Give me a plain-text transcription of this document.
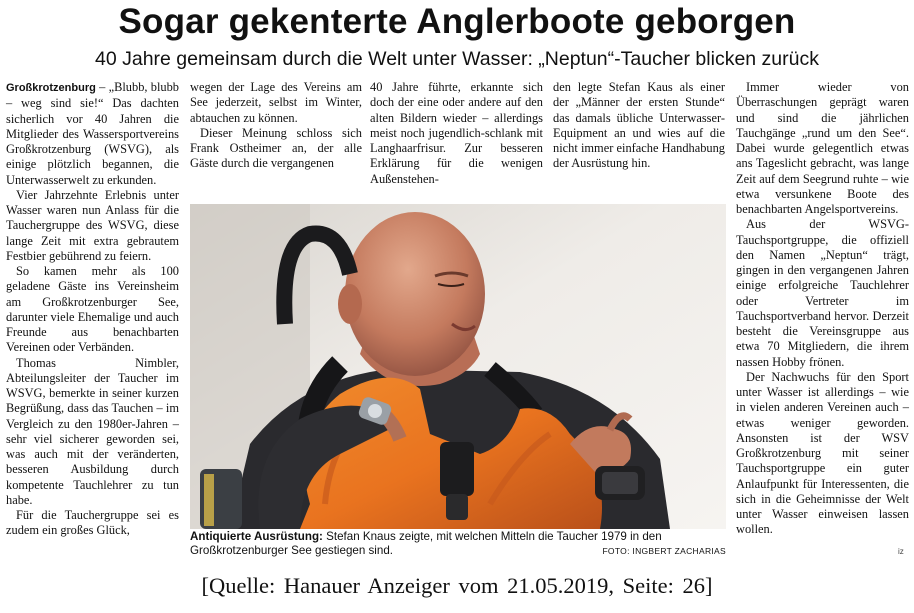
Sogar gekenterte Anglerboote geborgen
40 Jahre gemeinsam durch die Welt unter Wasser: „Neptun“-Taucher blicken zurück

Großkrotzenburg – „Blubb, blubb – weg sind sie!“ Das dachten sicherlich vor 40 Jahren die Mitglieder des Wassersportvereins Großkrotzenburg (WSVG), als einige plötzlich begannen, die Unterwasserwelt zu erkunden.

Vier Jahrzehnte Erlebnis unter Wasser waren nun Anlass für die Tauchergruppe des WSVG, diese lange Zeit mit extra gebrautem Festbier gebührend zu feiern.

So kamen mehr als 100 geladene Gäste ins Vereinsheim am Großkrotzenburger See, darunter viele Ehemalige und auch Freunde aus benachbarten Vereinen oder Verbänden.

Thomas Nimbler, Abteilungsleiter der Taucher im WSVG, bemerkte in seiner kurzen Begrüßung, dass das Tauchen – im Vergleich zu den 1980er-Jahren – sehr viel sicherer geworden sei, was auch mit der veränderten, besseren Ausbildung durch kompetente Tauchlehrer zu tun habe.

Für die Tauchergruppe sei es zudem ein großes Glück,

wegen der Lage des Vereins am See jederzeit, selbst im Winter, abtauchen zu können.

Dieser Meinung schloss sich Frank Ostheimer an, der alle Gäste durch die vergangenen

40 Jahre führte, erkannte sich doch der eine oder andere auf den alten Bildern wieder – allerdings meist noch jugendlich-schlank mit Langhaarfrisur. Zur besseren Erklärung für die wenigen Außenstehen-

den legte Stefan Kaus als einer der „Männer der ersten Stunde“ das damals übliche Unterwasser-Equipment an und wies auf die nicht immer einfache Handhabung der Ausrüstung hin.

Immer wieder von Überraschungen geprägt waren und sind die jährlichen Tauchgänge „rund um den See“. Dabei wurde gelegentlich etwas ans Tageslicht gebracht, was lange Zeit auf dem Seegrund ruhte – wie etwa versunkene Boote des benachbarten Angelsportvereins.

Aus der WSVG-Tauchsportgruppe, die offiziell den Namen „Neptun“ trägt, gingen in den vergangenen Jahren einige erfolgreiche Tauchlehrer oder Vertreter im Tauchsportverband hervor. Derzeit besteht die Vereinsgruppe aus etwa 70 Mitgliedern, die ihrem nassen Hobby frönen.

Der Nachwuchs für den Sport unter Wasser ist allerdings – wie in vielen anderen Vereinen auch – etwas weniger geworden. Ansonsten ist der WSV Großkrotzenburg mit seiner Tauchsportgruppe ein guter Anlaufpunkt für Interessenten, die sich in die Geheimnisse der Welt unter Wasser einweisen lassen wollen.

Antiquierte Ausrüstung: Stefan Knaus zeigte, mit welchen Mitteln die Taucher 1979 in den
Großkrotzenburger See gestiegen sind.	FOTO: INGBERT ZACHARIAS	iz
[Quelle: Hanauer Anzeiger vom 21.05.2019, Seite: 26]
